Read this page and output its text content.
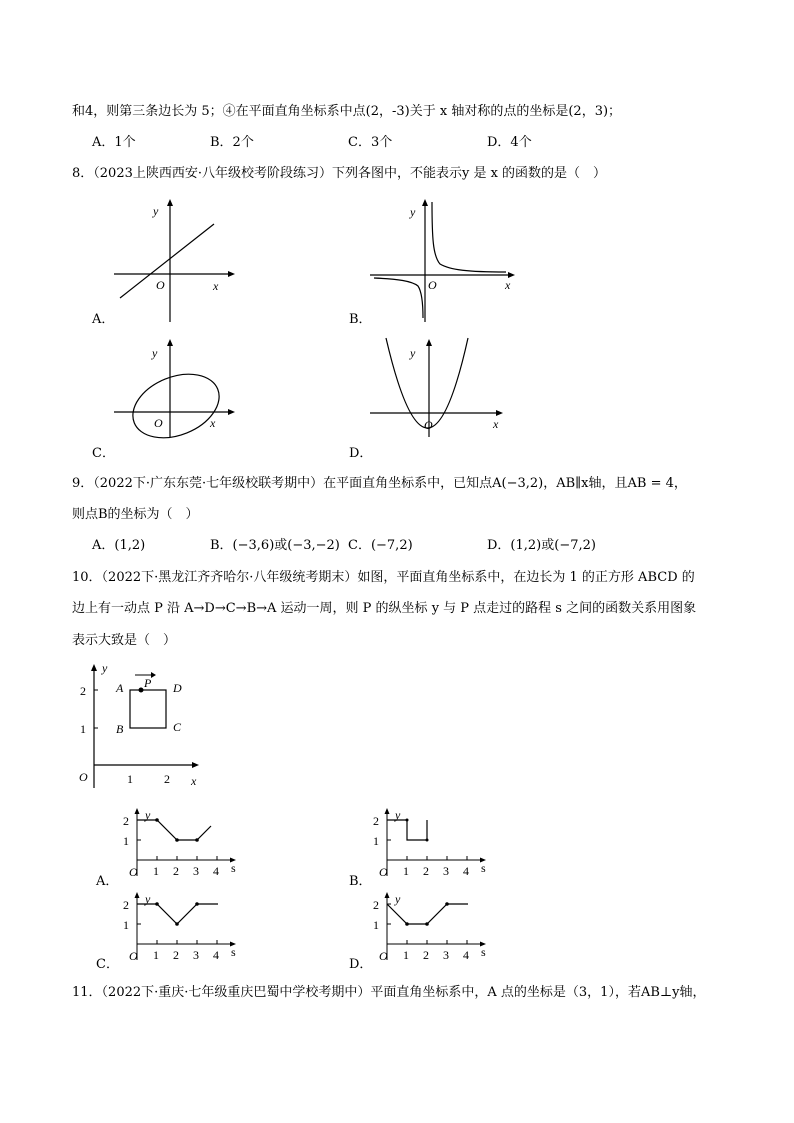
和4，则第三条边长为 5；④在平面直角坐标系中点(2，-3)关于 x 轴对称的点的坐标是(2，3)；
A．1个	B．2个	C．3个	D．4个
8．（2023上陕西西安·八年级校考阶段练习）下列各图中，不能表示y 是 x 的函数的是（　）
y
x
O
A．
y
x
O
B．
y
x
O
C．
y
x
O
D．
9．（2022下·广东东莞·七年级校联考期中）在平面直角坐标系中，已知点A(−3,2)，AB∥x轴，且AB = 4，
则点B的坐标为（　）
A．(1,2)	B．(−3,6)或(−3,−2) C．(−7,2)	D．(1,2)或(−7,2)
10．（2022下·黑龙江齐齐哈尔·八年级统考期末）如图，平面直角坐标系中，在边长为 1 的正方形 ABCD 的
边上有一动点 P 沿 A→D→C→B→A 运动一周，则 P 的纵坐标 y 与 P 点走过的路程 s 之间的函数关系用图象
表示大致是（　）
y
2
1
A P D
B	C
O	1	2 x
y
2
1
O 1 2 3 4 s
A．
y
2
1
O 1 2 3 4 s
B．
y
2
1
O 1 2 3 4 s
C．
y
2
1
O 1 2 3 4 s
D．
11．（2022下·重庆·七年级重庆巴蜀中学校考期中）平面直角坐标系中，A 点的坐标是（3，1），若AB⊥y轴，
